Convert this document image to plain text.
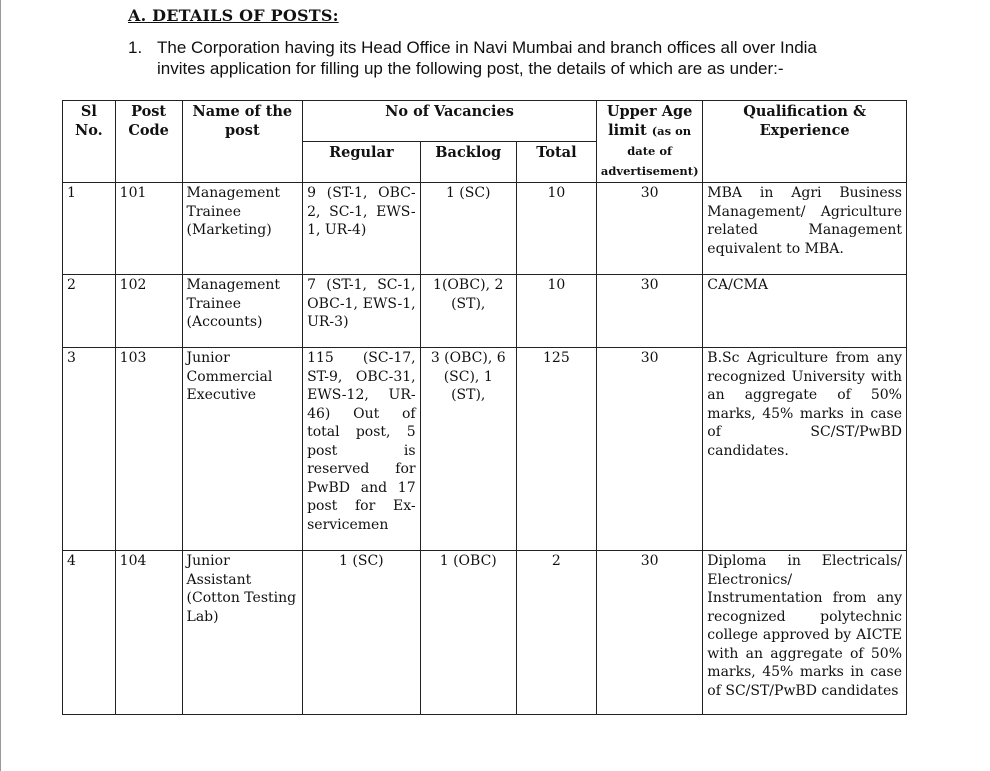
A. DETAILS OF POSTS:
1. The Corporation having its Head Office in Navi Mumbai and branch offices all over India invites application for filling up the following post, the details of which are as under:-
Sl No.	Post Code	Name of the post	No of Vacancies			Upper Age limit (as on date of advertisement)	Qualification & Experience
			Regular	Backlog	Total		
1	101	Management Trainee (Marketing)	9 (ST-1, OBC-2, SC-1, EWS-1, UR-4)	1 (SC)	10	30	MBA in Agri Business Management/ Agriculture related Management equivalent to MBA.
2	102	Management Trainee (Accounts)	7 (ST-1, SC-1, OBC-1, EWS-1, UR-3)	1(OBC), 2 (ST),	10	30	CA/CMA
3	103	Junior Commercial Executive	115 (SC-17, ST-9, OBC-31, EWS-12, UR-46) Out of total post, 5 post is reserved for PwBD and 17 post for Ex-servicemen	3 (OBC), 6 (SC), 1 (ST),	125	30	B.Sc Agriculture from any recognized University with an aggregate of 50% marks, 45% marks in case of SC/ST/PwBD candidates.
4	104	Junior Assistant (Cotton Testing Lab)	1 (SC)	1 (OBC)	2	30	Diploma in Electricals/ Electronics/ Instrumentation from any recognized polytechnic college approved by AICTE with an aggregate of 50% marks, 45% marks in case of SC/ST/PwBD candidates
